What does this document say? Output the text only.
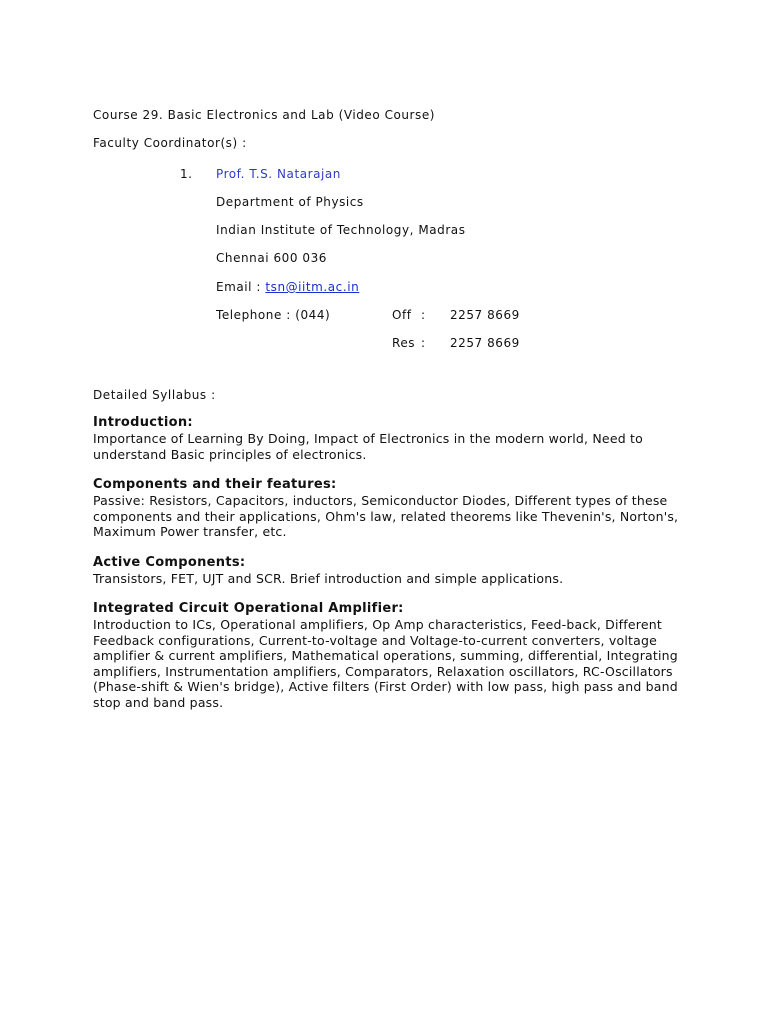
Course 29. Basic Electronics and Lab (Video Course)
Faculty Coordinator(s) :
1. Prof. T.S. Natarajan
Department of Physics
Indian Institute of Technology, Madras
Chennai 600 036
Email : tsn@iitm.ac.in
Telephone : (044)	Off : 2257 8669
Res : 2257 8669
Detailed Syllabus :
Introduction:

Importance of Learning By Doing, Impact of Electronics in the modern world, Need to understand Basic principles of electronics.

Components and their features:

Passive: Resistors, Capacitors, inductors, Semiconductor Diodes, Different types of these components and their applications, Ohm's law, related theorems like Thevenin's, Norton's, Maximum Power transfer, etc.

Active Components:

Transistors, FET, UJT and SCR. Brief introduction and simple applications.

Integrated Circuit Operational Amplifier:

Introduction to ICs, Operational amplifiers, Op Amp characteristics, Feed-back, Different Feedback configurations, Current-to-voltage and Voltage-to-current converters, voltage amplifier & current amplifiers, Mathematical operations, summing, differential, Integrating amplifiers, Instrumentation amplifiers, Comparators, Relaxation oscillators, RC-Oscillators (Phase-shift & Wien's bridge), Active filters (First Order) with low pass, high pass and band stop and band pass.
